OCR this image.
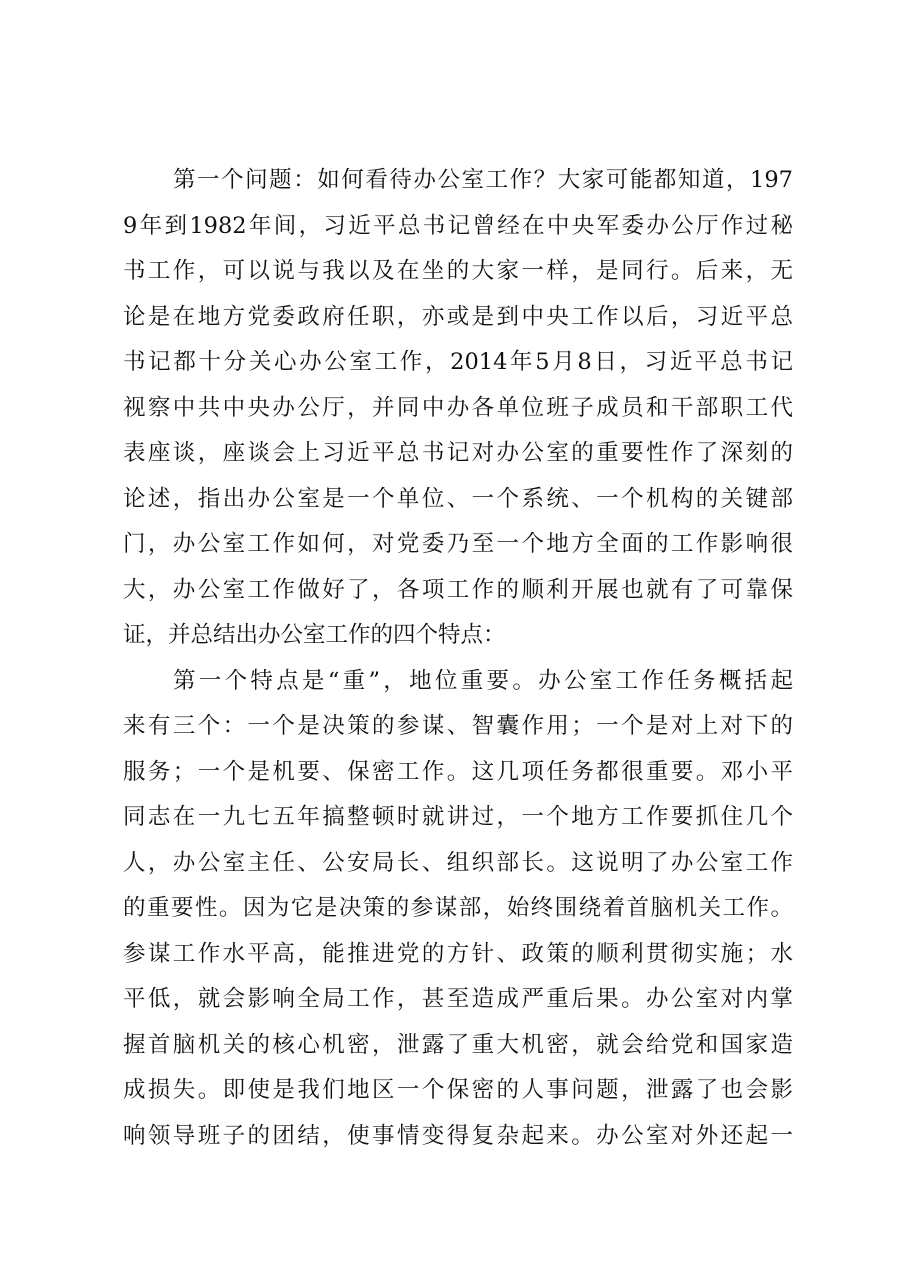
第一个问题：如何看待办公室工作？大家可能都知道，197
9年到1982年间，习近平总书记曾经在中央军委办公厅作过秘
书工作，可以说与我以及在坐的大家一样，是同行。后来，无
论是在地方党委政府任职，亦或是到中央工作以后，习近平总
书记都十分关心办公室工作，2014年5月8日，习近平总书记
视察中共中央办公厅，并同中办各单位班子成员和干部职工代
表座谈，座谈会上习近平总书记对办公室的重要性作了深刻的
论述，指出办公室是一个单位、一个系统、一个机构的关键部
门，办公室工作如何，对党委乃至一个地方全面的工作影响很
大，办公室工作做好了，各项工作的顺利开展也就有了可靠保
证，并总结出办公室工作的四个特点：
第一个特点是“重”，地位重要。办公室工作任务概括起
来有三个：一个是决策的参谋、智囊作用；一个是对上对下的
服务；一个是机要、保密工作。这几项任务都很重要。邓小平
同志在一九七五年搞整顿时就讲过，一个地方工作要抓住几个
人，办公室主任、公安局长、组织部长。这说明了办公室工作
的重要性。因为它是决策的参谋部，始终围绕着首脑机关工作。
参谋工作水平高，能推进党的方针、政策的顺利贯彻实施；水
平低，就会影响全局工作，甚至造成严重后果。办公室对内掌
握首脑机关的核心机密，泄露了重大机密，就会给党和国家造
成损失。即使是我们地区一个保密的人事问题，泄露了也会影
响领导班子的团结，使事情变得复杂起来。办公室对外还起一
